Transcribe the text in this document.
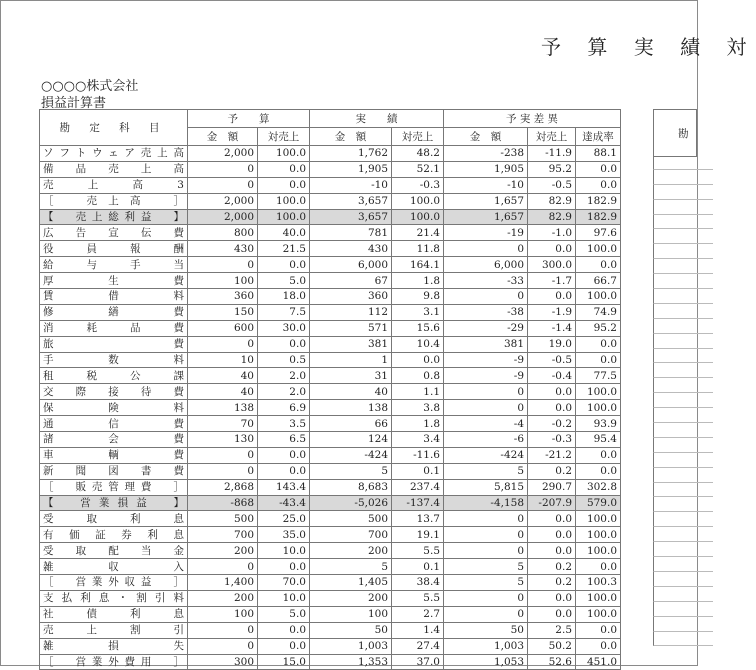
予 算 実 績 対
○○○○株式会社
損益計算書
勘 定 科 目	予　　算		実　　績		予 実 差 異		
	金　額	対売上	金　額	対売上	金　額	対売上	達成率
ソフトウェア売上高	2,000	100.0	1,762	48.2	-238	-11.9	88.1
備品売上高	0	0.0	1,905	52.1	1,905	95.2	0.0
売上高3	0	0.0	-10	-0.3	-10	-0.5	0.0
［　売上高　］	2,000	100.0	3,657	100.0	1,657	82.9	182.9
【　売上総利益　】	2,000	100.0	3,657	100.0	1,657	82.9	182.9
広告宣伝費	800	40.0	781	21.4	-19	-1.0	97.6
役員報酬	430	21.5	430	11.8	0	0.0	100.0
給与手当	0	0.0	6,000	164.1	6,000	300.0	0.0
厚生費	100	5.0	67	1.8	-33	-1.7	66.7
賃借料	360	18.0	360	9.8	0	0.0	100.0
修繕費	150	7.5	112	3.1	-38	-1.9	74.9
消耗品費	600	30.0	571	15.6	-29	-1.4	95.2
旅　　　費	0	0.0	381	10.4	381	19.0	0.0
手数料	10	0.5	1	0.0	-9	-0.5	0.0
租税公課	40	2.0	31	0.8	-9	-0.4	77.5
交際接待費	40	2.0	40	1.1	0	0.0	100.0
保険料	138	6.9	138	3.8	0	0.0	100.0
通信費	70	3.5	66	1.8	-4	-0.2	93.9
諸会費	130	6.5	124	3.4	-6	-0.3	95.4
車輌費	0	0.0	-424	-11.6	-424	-21.2	0.0
新聞図書費	0	0.0	5	0.1	5	0.2	0.0
［　販売管理費　］	2,868	143.4	8,683	237.4	5,815	290.7	302.8
【　営業損益　】	-868	-43.4	-5,026	-137.4	-4,158	-207.9	579.0
受取利息	500	25.0	500	13.7	0	0.0	100.0
有価証券利息	700	35.0	700	19.1	0	0.0	100.0
受取配当金	200	10.0	200	5.5	0	0.0	100.0
雑収入	0	0.0	5	0.1	5	0.2	0.0
［　営業外収益　］	1,400	70.0	1,405	38.4	5	0.2	100.3
支払利息・割引料	200	10.0	200	5.5	0	0.0	100.0
社債利息	100	5.0	100	2.7	0	0.0	100.0
売上割引	0	0.0	50	1.4	50	2.5	0.0
雑損失	0	0.0	1,003	27.4	1,003	50.2	0.0
［　営業外費用　］	300	15.0	1,353	37.0	1,053	52.6	451.0
勘
